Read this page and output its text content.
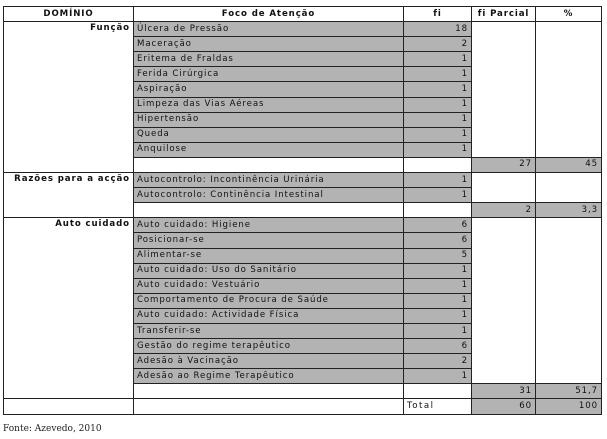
DOMÍNIO	Foco de Atenção	fi	fi Parcial	%
Função	Úlcera de Pressão	18		
	Maceração	2		
	Eritema de Fraldas	1		
	Ferida Cirúrgica	1		
	Aspiração	1		
	Limpeza das Vias Aéreas	1		
	Hipertensão	1		
	Queda	1		
	Anquilose	1		
			27	45
Razões para a acção	Autocontrolo: Incontinência Urinária	1		
	Autocontrolo: Continência Intestinal	1		
			2	3,3
Auto cuidado	Auto cuidado: Higiene	6		
	Posicionar-se	6		
	Alimentar-se	5		
	Auto cuidado: Uso do Sanitário	1		
	Auto cuidado: Vestuário	1		
	Comportamento de Procura de Saúde	1		
	Auto cuidado: Actividade Física	1		
	Transferir-se	1		
	Gestão do regime terapêutico	6		
	Adesão à Vacinação	2		
	Adesão ao Regime Terapêutico	1		
			31	51,7
		Total	60	100
Fonte: Azevedo, 2010
